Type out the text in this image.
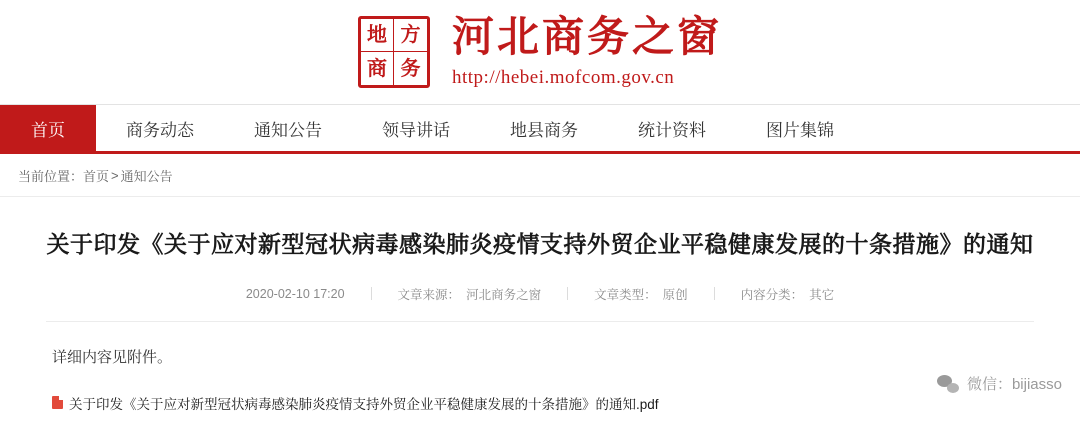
地 方
商 务
河北商务之窗
http://hebei.mofcom.gov.cn
首页	商务动态	通知公告	领导讲话	地县商务	统计资料	图片集锦
当前位置： 首页 > 通知公告
关于印发《关于应对新型冠状病毒感染肺炎疫情支持外贸企业平稳健康发展的十条措施》的通知
2020-02-10 17:20	文章来源： 河北商务之窗	文章类型： 原创	内容分类： 其它
详细内容见附件。
关于印发《关于应对新型冠状病毒感染肺炎疫情支持外贸企业平稳健康发展的十条措施》的通知.pdf
微信：bijiasso
